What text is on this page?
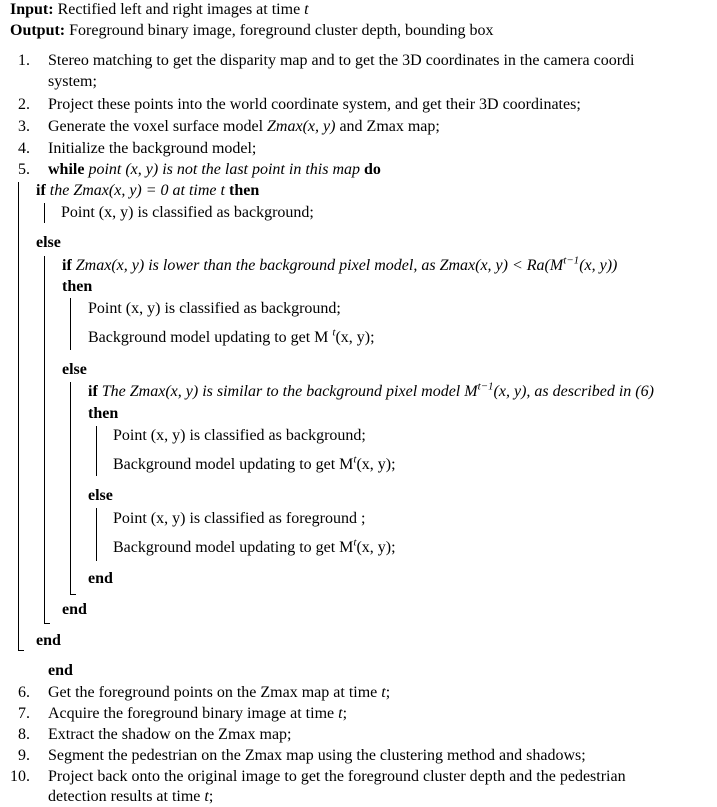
Input: Rectified left and right images at time t
Output: Foreground binary image, foreground cluster depth, bounding box
1. Stereo matching to get the disparity map and to get the 3D coordinates in the camera coordi
system;
2. Project these points into the world coordinate system, and get their 3D coordinates;
3. Generate the voxel surface model Zmax(x, y) and Zmax map;
4. Initialize the background model;
5. while point (x, y) is not the last point in this map do
if the Zmax(x, y) = 0 at time t then
Point (x, y) is classified as background;
else
if Zmax(x, y) is lower than the background pixel model, as Zmax(x, $y) < Ra(M^{t-1}(x$, y))
then
Point (x, y) is classified as background;
Background model updating to get M $^t$(x, y);
else
if The Zmax(x, y) is similar to the background pixel model $M^{t-1}(x$, y), as described in (6)
then
Point (x, y) is classified as background;
Background model updating to get $M^t(x$, y);
else
Point (x, y) is classified as foreground ;
Background model updating to get $M^t(x$, y);
end
end
end
end
6. Get the foreground points on the Zmax map at time t;
7. Acquire the foreground binary image at time t;
8. Extract the shadow on the Zmax map;
9. Segment the pedestrian on the Zmax map using the clustering method and shadows;
10. Project back onto the original image to get the foreground cluster depth and the pedestrian
detection results at time t;
